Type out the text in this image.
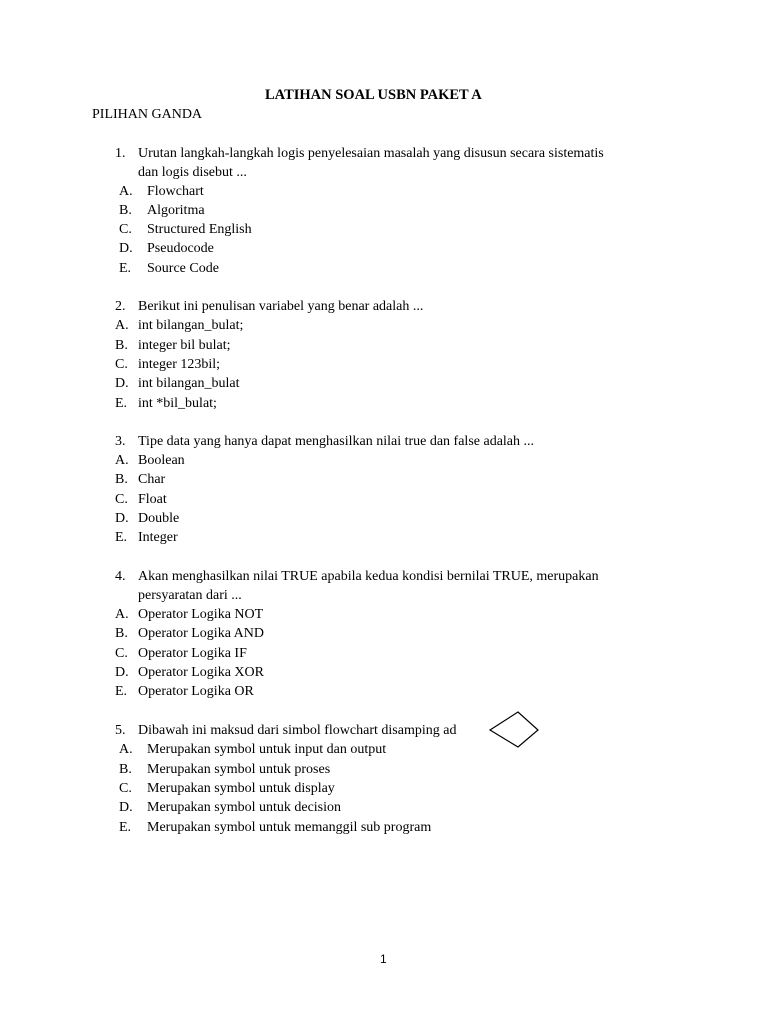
LATIHAN SOAL USBN PAKET A
PILIHAN GANDA
1. Urutan langkah-langkah logis penyelesaian masalah yang disusun secara sistematis
dan logis disebut ...
A. Flowchart
B. Algoritma
C. Structured English
D. Pseudocode
E. Source Code
2. Berikut ini penulisan variabel yang benar adalah ...
A. int bilangan_bulat;
B. integer bil bulat;
C. integer 123bil;
D. int bilangan_bulat
E. int *bil_bulat;
3. Tipe data yang hanya dapat menghasilkan nilai true dan false adalah ...
A. Boolean
B. Char
C. Float
D. Double
E. Integer
4. Akan menghasilkan nilai TRUE apabila kedua kondisi bernilai TRUE, merupakan
persyaratan dari ...
A. Operator Logika NOT
B. Operator Logika AND
C. Operator Logika IF
D. Operator Logika XOR
E. Operator Logika OR
5. Dibawah ini maksud dari simbol flowchart disamping ad
A. Merupakan symbol untuk input dan output
B. Merupakan symbol untuk proses
C. Merupakan symbol untuk display
D. Merupakan symbol untuk decision
E. Merupakan symbol untuk memanggil sub program
1
